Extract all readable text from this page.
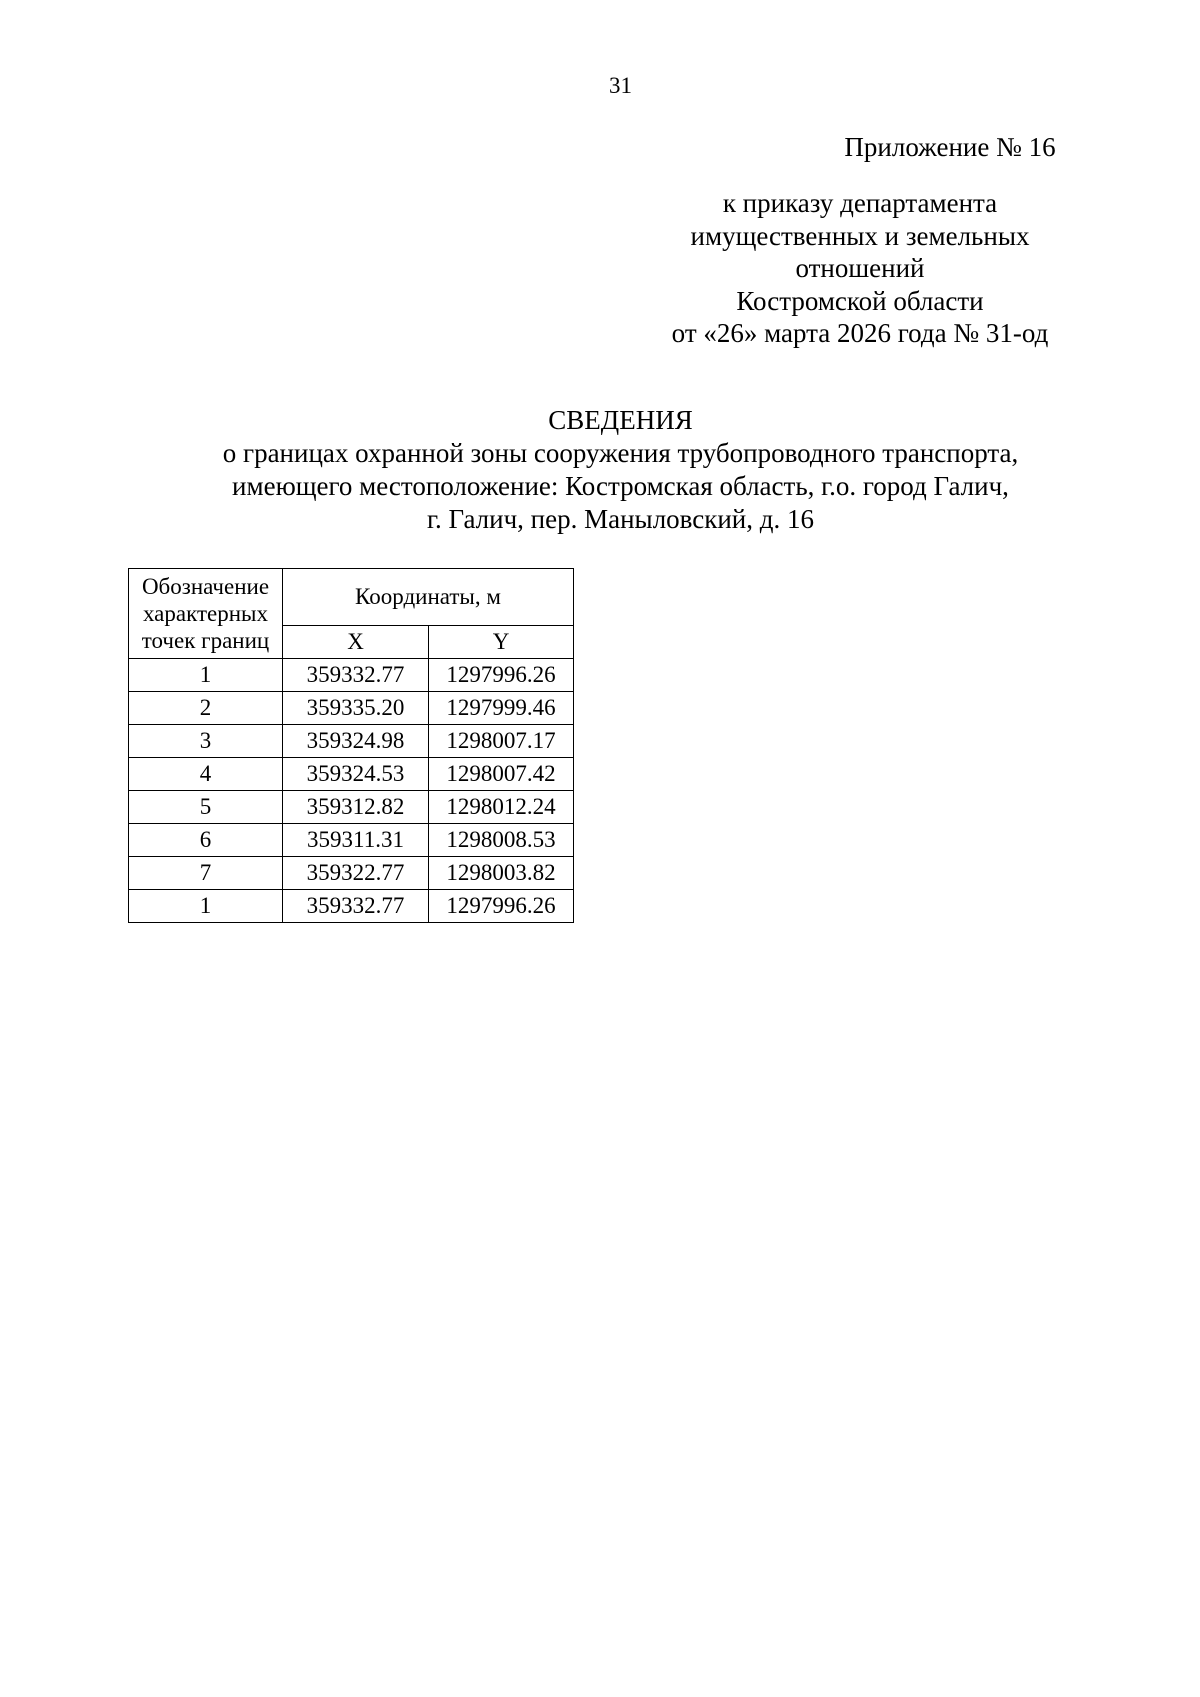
31
Приложение № 16
к приказу департамента
имущественных и земельных
отношений
Костромской области
от «26» марта 2026 года № 31-од
СВЕДЕНИЯ
о границах охранной зоны сооружения трубопроводного транспорта,
имеющего местоположение: Костромская область, г.о. город Галич,
г. Галич, пер. Маныловский, д. 16
Обозначение
характерных
точек границ	Координаты, м	
	X	Y
1	359332.77	1297996.26
2	359335.20	1297999.46
3	359324.98	1298007.17
4	359324.53	1298007.42
5	359312.82	1298012.24
6	359311.31	1298008.53
7	359322.77	1298003.82
1	359332.77	1297996.26
